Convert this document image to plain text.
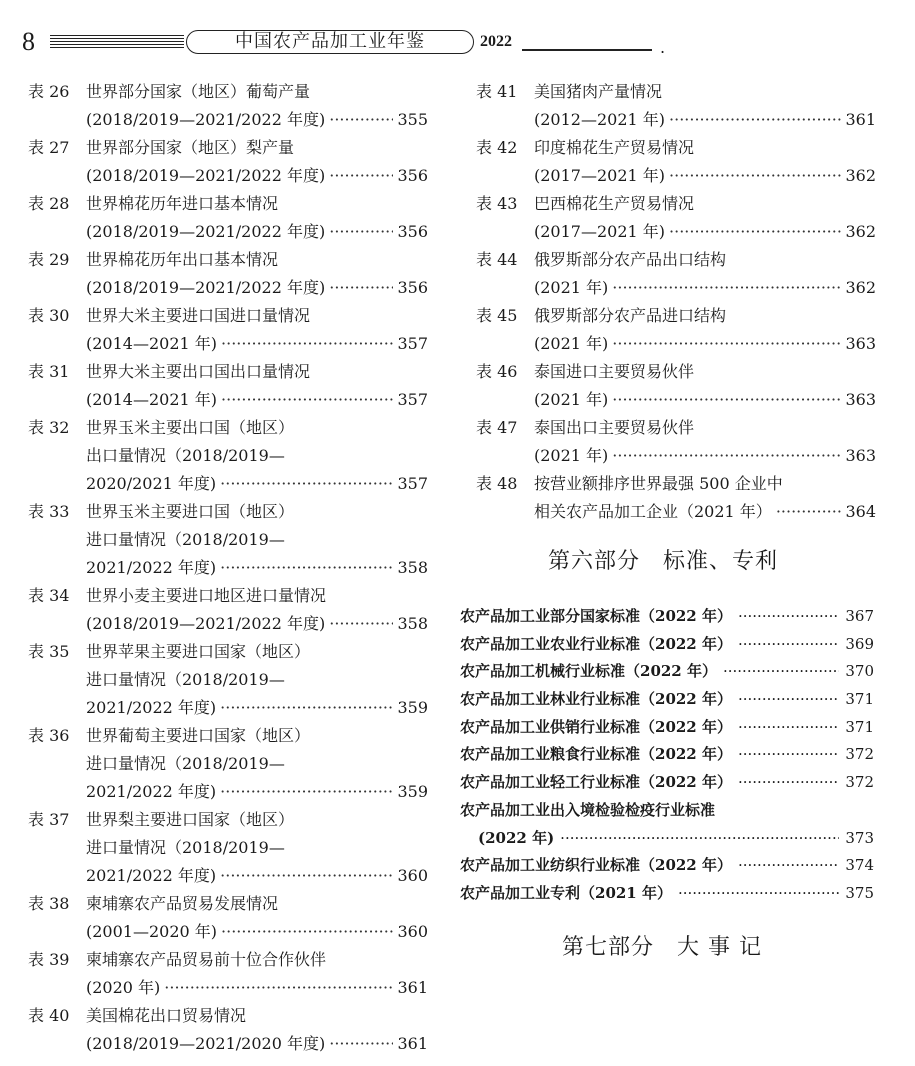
8	中国农产品加工业年鉴	2022	.
表 26 世界部分国家（地区）葡萄产量
(2018/2019—2021/2022 年度) ·····	355
表 27 世界部分国家（地区）梨产量
(2018/2019—2021/2022 年度) ·····	356
表 28 世界棉花历年进口基本情况
(2018/2019—2021/2022 年度) ·····	356
表 29 世界棉花历年出口基本情况
(2018/2019—2021/2022 年度) ·····	356
表 30 世界大米主要进口国进口量情况
(2014—2021 年) ·····	357
表 31 世界大米主要出口国出口量情况
(2014—2021 年) ·····	357
表 32 世界玉米主要出口国（地区）
出口量情况（2018/2019—
2020/2021 年度) ·····	357
表 33 世界玉米主要进口国（地区）
进口量情况（2018/2019—
2021/2022 年度) ·····	358
表 34 世界小麦主要进口地区进口量情况
(2018/2019—2021/2022 年度) ·····	358
表 35 世界苹果主要进口国家（地区）
进口量情况（2018/2019—
2021/2022 年度) ·····	359
表 36 世界葡萄主要进口国家（地区）
进口量情况（2018/2019—
2021/2022 年度) ·····	359
表 37 世界梨主要进口国家（地区）
进口量情况（2018/2019—
2021/2022 年度) ·····	360
表 38 柬埔寨农产品贸易发展情况
(2001—2020 年) ·····	360
表 39 柬埔寨农产品贸易前十位合作伙伴
(2020 年) ·····	361
表 40 美国棉花出口贸易情况
(2018/2019—2021/2020 年度) ·····	361
表 41 美国猪肉产量情况
(2012—2021 年) ·····	361
表 42 印度棉花生产贸易情况
(2017—2021 年) ·····	362
表 43 巴西棉花生产贸易情况
(2017—2021 年) ·····	362
表 44 俄罗斯部分农产品出口结构
(2021 年) ·····	362
表 45 俄罗斯部分农产品进口结构
(2021 年) ·····	363
表 46 泰国进口主要贸易伙伴
(2021 年) ·····	363
表 47 泰国出口主要贸易伙伴
(2021 年) ·····	363
表 48 按营业额排序世界最强 500 企业中
相关农产品加工企业（2021 年） ·····	364
第六部分　标准、专利
农产品加工业部分国家标准（2022 年） ·····	367
农产品加工业农业行业标准（2022 年） ·····	369
农产品加工机械行业标准（2022 年） ·····	370
农产品加工业林业行业标准（2022 年） ·····	371
农产品加工业供销行业标准（2022 年） ·····	371
农产品加工业粮食行业标准（2022 年） ·····	372
农产品加工业轻工行业标准（2022 年） ·····	372
农产品加工业出入境检验检疫行业标准
(2022 年) ·····	373
农产品加工业纺织行业标准（2022 年） ·····	374
农产品加工业专利（2021 年） ·····	375
第七部分　大 事 记
